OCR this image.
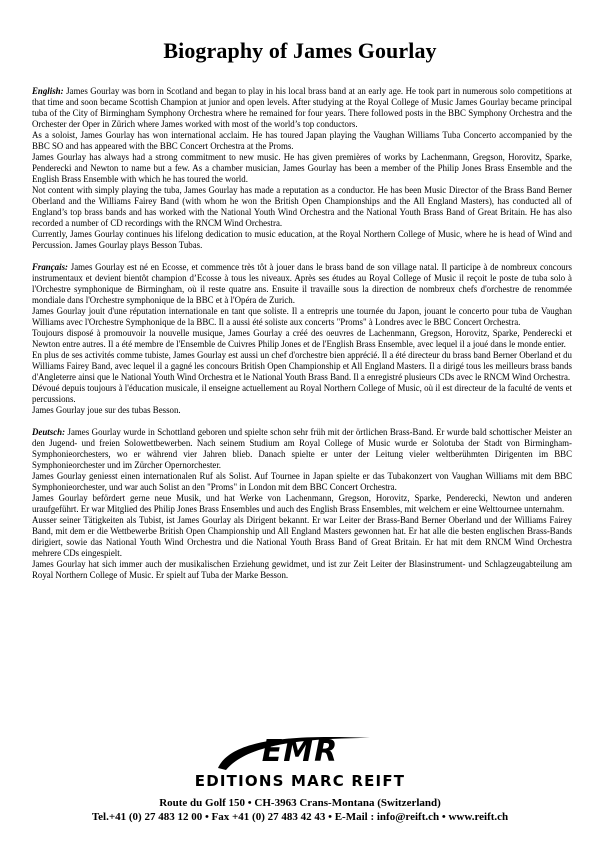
Biography of James Gourlay

English: James Gourlay was born in Scotland and began to play in his local brass band at an early age. He took part in numerous solo competitions at that time and soon became Scottish Champion at junior and open levels. After studying at the Royal College of Music James Gourlay became principal tuba of the City of Birmingham Symphony Orchestra where he remained for four years. There followed posts in the BBC Symphony Orchestra and the Orchester der Oper in Zürich where James worked with most of the world’s top conductors.

As a soloist, James Gourlay has won international acclaim. He has toured Japan playing the Vaughan Williams Tuba Concerto accompanied by the BBC SO and has appeared with the BBC Concert Orchestra at the Proms.

James Gourlay has always had a strong commitment to new music. He has given premières of works by Lachenmann, Gregson, Horovitz, Sparke, Penderecki and Newton to name but a few. As a chamber musician, James Gourlay has been a member of the Philip Jones Brass Ensemble and the English Brass Ensemble with which he has toured the world.

Not content with simply playing the tuba, James Gourlay has made a reputation as a conductor. He has been Music Director of the Brass Band Berner Oberland and the Williams Fairey Band (with whom he won the British Open Championships and the All England Masters), has conducted all of England’s top brass bands and has worked with the National Youth Wind Orchestra and the National Youth Brass Band of Great Britain. He has also recorded a number of CD recordings with the RNCM Wind Orchestra.

Currently, James Gourlay continues his lifelong dedication to music education, at the Royal Northern College of Music, where he is head of Wind and Percussion. James Gourlay plays Besson Tubas.

Français: James Gourlay est né en Ecosse, et commence très tôt à jouer dans le brass band de son village natal. Il participe à de nombreux concours instrumentaux et devient bientôt champion d’Ecosse à tous les niveaux. Après ses études au Royal College of Music il reçoit le poste de tuba solo à l'Orchestre symphonique de Birmingham, où il reste quatre ans. Ensuite il travaille sous la direction de nombreux chefs d'orchestre de renommée mondiale dans l'Orchestre symphonique de la BBC et à l'Opéra de Zurich.

James Gourlay jouit d'une réputation internationale en tant que soliste. Il a entrepris une tournée du Japon, jouant le concerto pour tuba de Vaughan Williams avec l'Orchestre Symphonique de la BBC. Il a aussi été soliste aux concerts "Proms" à Londres avec le BBC Concert Orchestra.

Toujours disposé à promouvoir la nouvelle musique, James Gourlay a créé des oeuvres de Lachenmann, Gregson, Horovitz, Sparke, Penderecki et Newton entre autres. Il a été membre de l'Ensemble de Cuivres Philip Jones et de l'English Brass Ensemble, avec lequel il a joué dans le monde entier.

En plus de ses activités comme tubiste, James Gourlay est aussi un chef d'orchestre bien apprécié. Il a été directeur du brass band Berner Oberland et du Williams Fairey Band, avec lequel il a gagné les concours British Open Championship et All England Masters. Il a dirigé tous les meilleurs brass bands d'Angleterre ainsi que le National Youth Wind Orchestra et le National Youth Brass Band. Il a enregistré plusieurs CDs avec le RNCM Wind Orchestra.

Dévoué depuis toujours à l'éducation musicale, il enseigne actuellement au Royal Northern College of Music, où il est directeur de la faculté de vents et percussions.

James Gourlay joue sur des tubas Besson.

Deutsch: James Gourlay wurde in Schottland geboren und spielte schon sehr früh mit der örtlichen Brass-Band. Er wurde bald schottischer Meister an den Jugend- und freien Solowettbewerben. Nach seinem Studium am Royal College of Music wurde er Solotuba der Stadt von Birmingham-Symphonieorchesters, wo er während vier Jahren blieb. Danach spielte er unter der Leitung vieler weltberühmten Dirigenten im BBC Symphonieorchester und im Zürcher Opernorchester.

James Gourlay geniesst einen internationalen Ruf als Solist. Auf Tournee in Japan spielte er das Tubakonzert von Vaughan Williams mit dem BBC Symphonieorchester, und war auch Solist an den "Proms" in London mit dem BBC Concert Orchestra.

James Gourlay befördert gerne neue Musik, und hat Werke von Lachenmann, Gregson, Horovitz, Sparke, Penderecki, Newton und anderen uraufgeführt. Er war Mitglied des Philip Jones Brass Ensembles und auch des English Brass Ensembles, mit welchem er eine Welttournee unternahm.

Ausser seiner Tätigkeiten als Tubist, ist James Gourlay als Dirigent bekannt. Er war Leiter der Brass-Band Berner Oberland und der Williams Fairey Band, mit dem er die Wettbewerbe British Open Championship und All England Masters gewonnen hat. Er hat alle die besten englischen Brass-Bands dirigiert, sowie das National Youth Wind Orchestra und die National Youth Brass Band of Great Britain. Er hat mit dem RNCM Wind Orchestra mehrere CDs eingespielt.

James Gourlay hat sich immer auch der musikalischen Erziehung gewidmet, und ist zur Zeit Leiter der Blasinstrument- und Schlagzeugabteilung am Royal Northern College of Music. Er spielt auf Tuba der Marke Besson.

EMR
EDITIONS MARC REIFT
Route du Golf 150 • CH-3963 Crans-Montana (Switzerland)
Tel.+41 (0) 27 483 12 00 • Fax +41 (0) 27 483 42 43 • E-Mail : info@reift.ch • www.reift.ch
